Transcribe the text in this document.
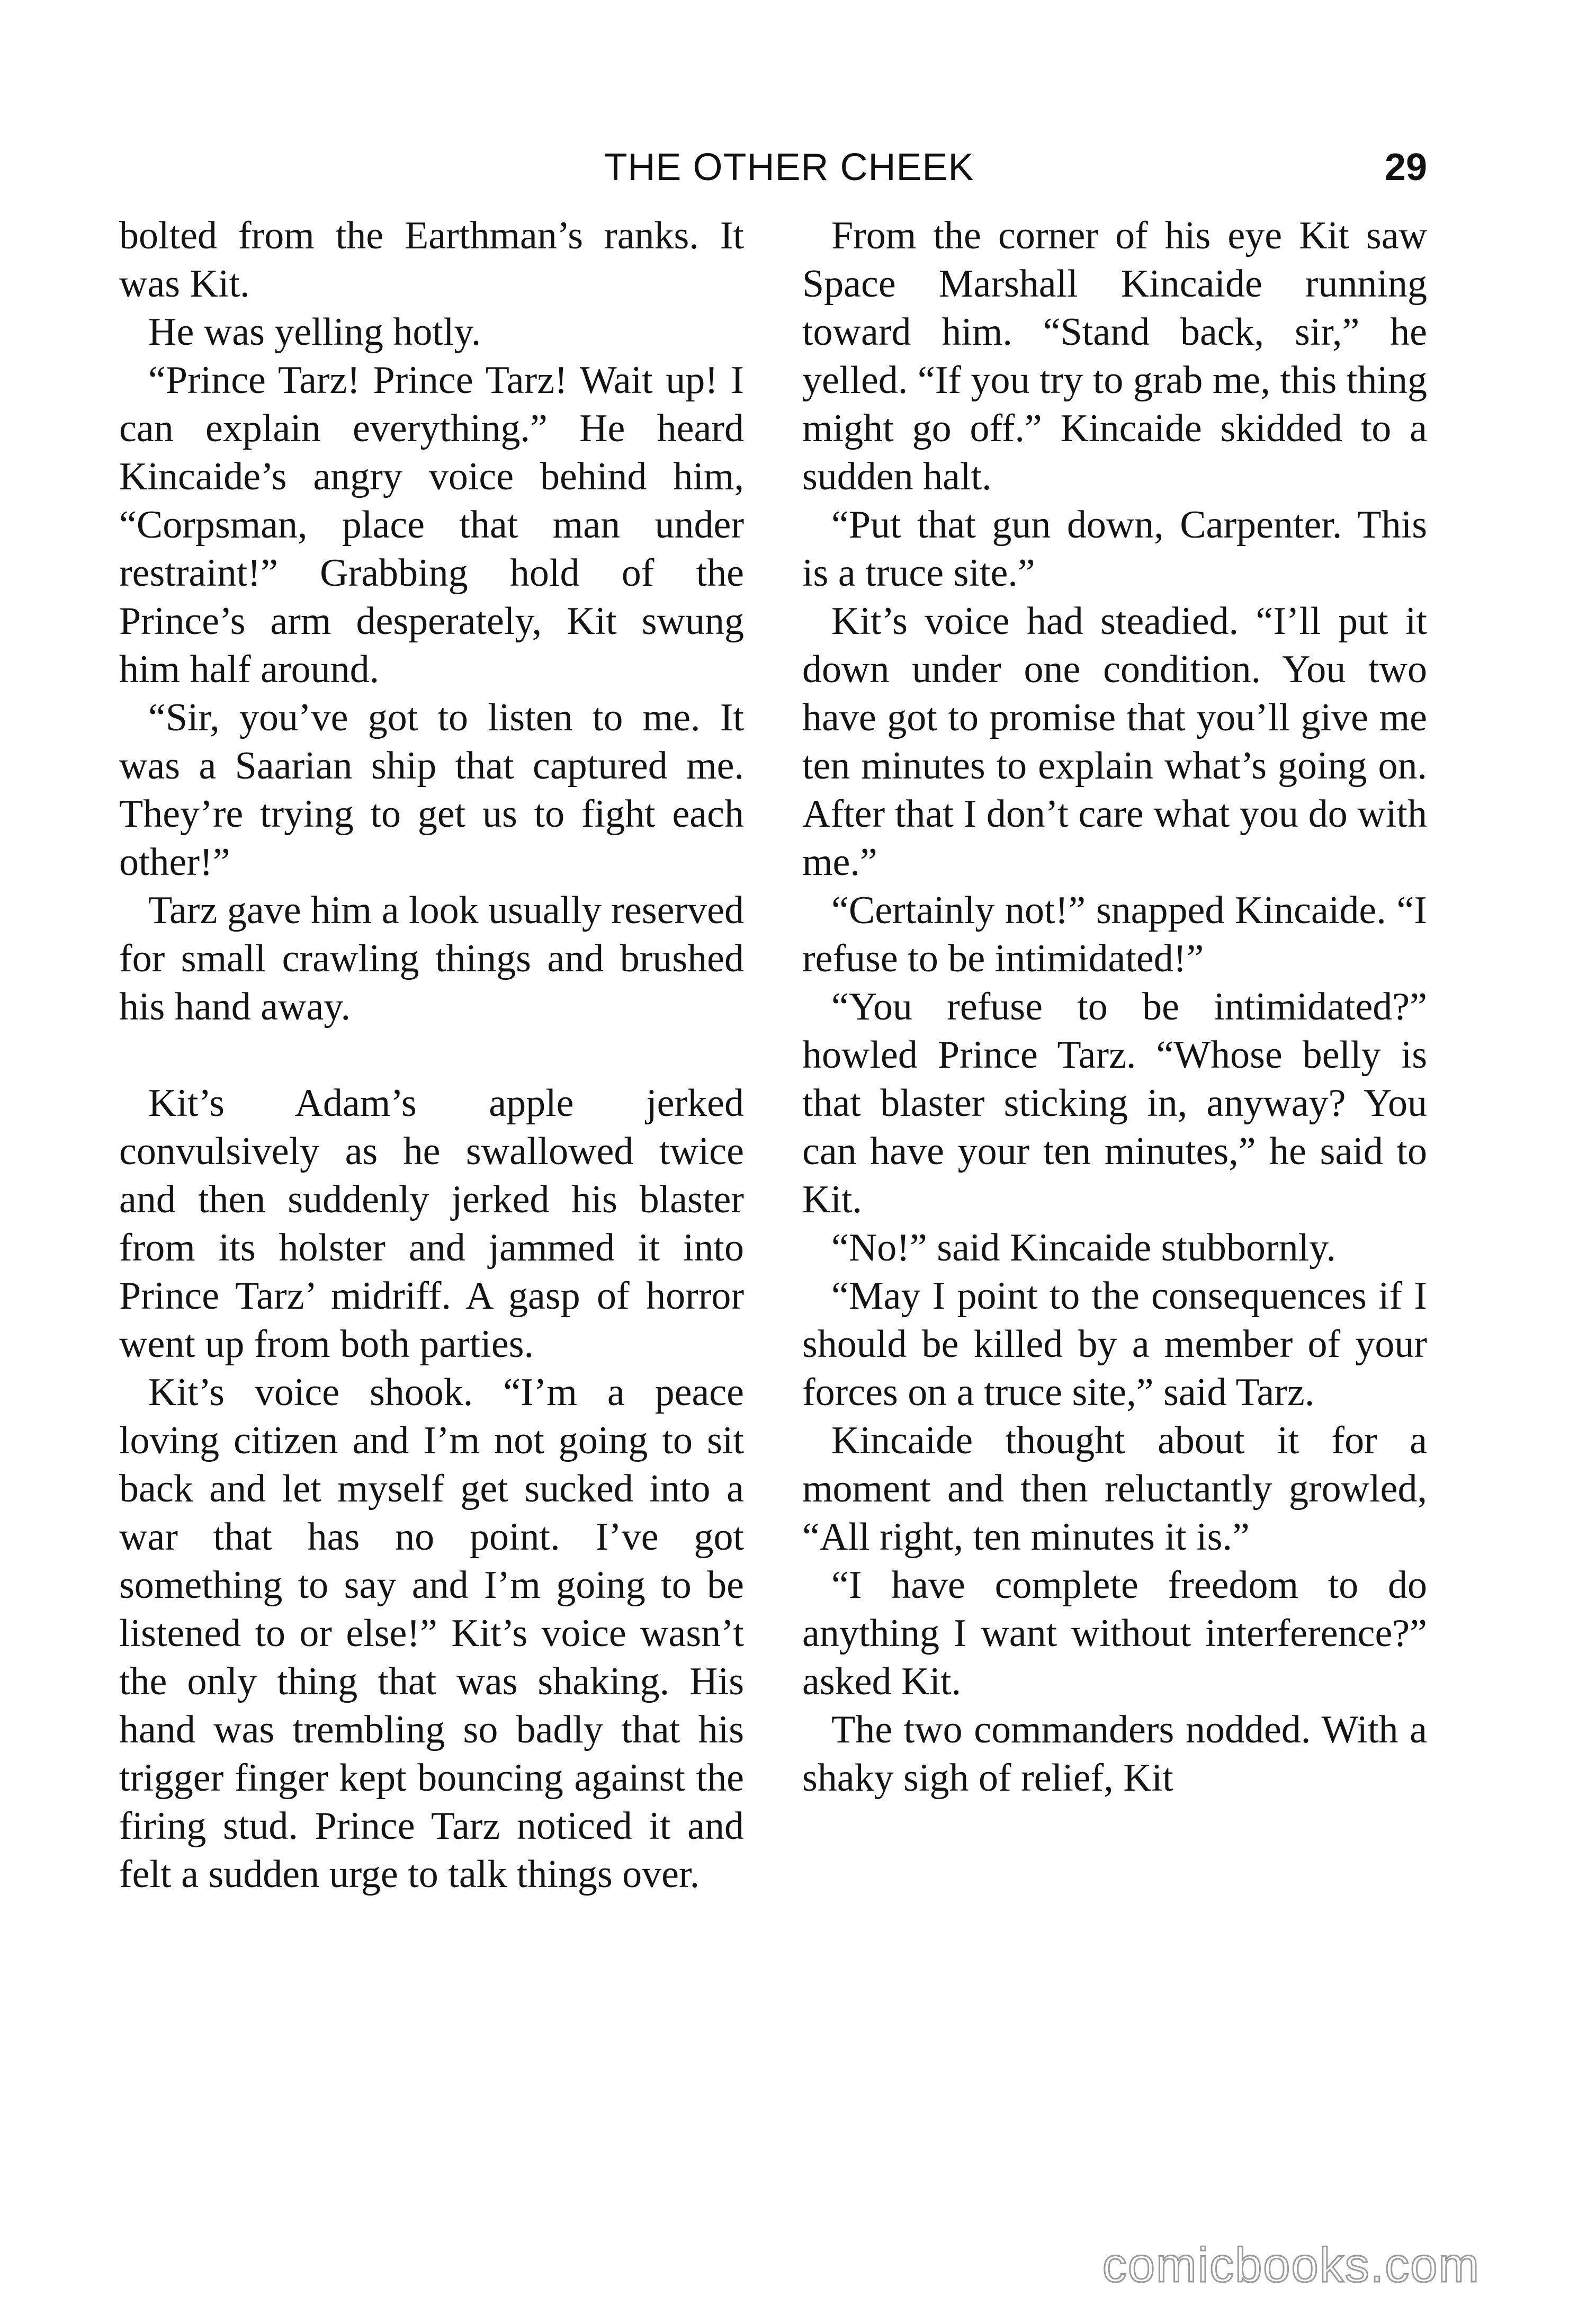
THE OTHER CHEEK	29

bolted from the Earthman’s ranks. It was Kit.

He was yelling hotly.

“Prince Tarz! Prince Tarz! Wait up! I can explain everything.” He heard Kincaide’s angry voice behind him, “Corpsman, place that man under restraint!” Grabbing hold of the Prince’s arm desperately, Kit swung him half around.

“Sir, you’ve got to listen to me. It was a Saarian ship that captured me. They’re trying to get us to fight each other!”

Tarz gave him a look usually reserved for small crawling things and brushed his hand away.

Kit’s Adam’s apple jerked convulsively as he swallowed twice and then suddenly jerked his blaster from its holster and jammed it into Prince Tarz’ midriff. A gasp of horror went up from both parties.

Kit’s voice shook. “I’m a peace loving citizen and I’m not going to sit back and let myself get sucked into a war that has no point. I’ve got something to say and I’m going to be listened to or else!” Kit’s voice wasn’t the only thing that was shaking. His hand was trembling so badly that his trigger finger kept bouncing against the firing stud. Prince Tarz noticed it and felt a sudden urge to talk things over.

From the corner of his eye Kit saw Space Marshall Kincaide running toward him. “Stand back, sir,” he yelled. “If you try to grab me, this thing might go off.” Kincaide skidded to a sudden halt.

“Put that gun down, Carpenter. This is a truce site.”

Kit’s voice had steadied. “I’ll put it down under one condition. You two have got to promise that you’ll give me ten minutes to explain what’s going on. After that I don’t care what you do with me.”

“Certainly not!” snapped Kincaide. “I refuse to be intimidated!”

“You refuse to be intimidated?” howled Prince Tarz. “Whose belly is that blaster sticking in, anyway? You can have your ten minutes,” he said to Kit.

“No!” said Kincaide stubbornly.

“May I point to the consequences if I should be killed by a member of your forces on a truce site,” said Tarz.

Kincaide thought about it for a moment and then reluctantly growled, “All right, ten minutes it is.”

“I have complete freedom to do anything I want without interference?” asked Kit.

The two commanders nodded. With a shaky sigh of relief, Kit

comicbooks.com
